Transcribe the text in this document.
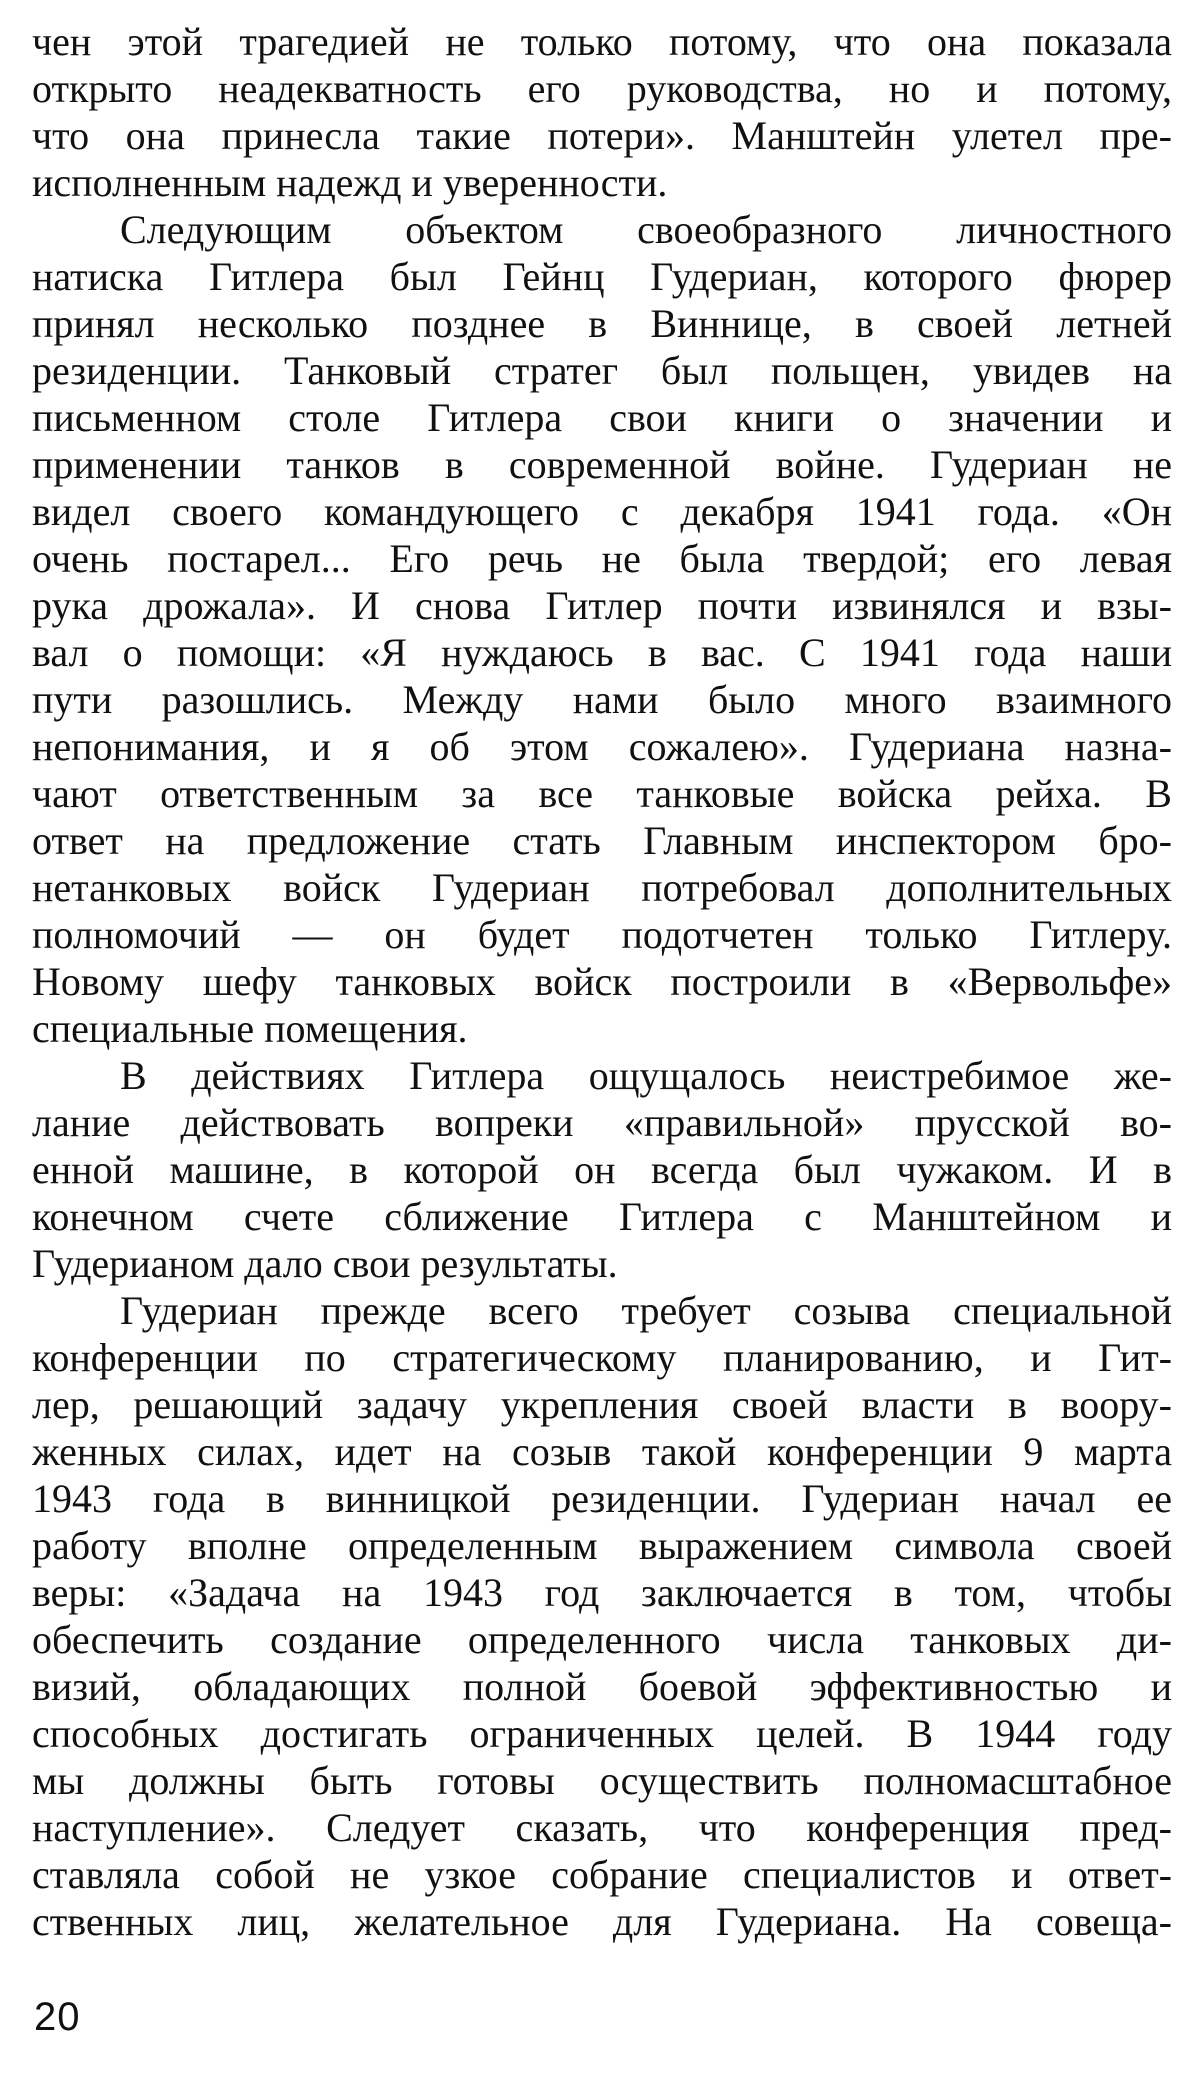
чен этой трагедией не только потому, что она показала
открыто неадекватность его руководства, но и потому,
что она принесла такие потери». Манштейн улетел пре-
исполненным надежд и уверенности.

Следующим объектом своеобразного личностного
натиска Гитлера был Гейнц Гудериан, которого фюрер
принял несколько позднее в Виннице, в своей летней
резиденции. Танковый стратег был польщен, увидев на
письменном столе Гитлера свои книги о значении и
применении танков в современной войне. Гудериан не
видел своего командующего с декабря 1941 года. «Он
очень постарел... Его речь не была твердой; его левая
рука дрожала». И снова Гитлер почти извинялся и взы-
вал о помощи: «Я нуждаюсь в вас. С 1941 года наши
пути разошлись. Между нами было много взаимного
непонимания, и я об этом сожалею». Гудериана назна-
чают ответственным за все танковые войска рейха. В
ответ на предложение стать Главным инспектором бро-
нетанковых войск Гудериан потребовал дополнительных
полномочий — он будет подотчетен только Гитлеру.
Новому шефу танковых войск построили в «Вервольфе»
специальные помещения.

В действиях Гитлера ощущалось неистребимое же-
лание действовать вопреки «правильной» прусской во-
енной машине, в которой он всегда был чужаком. И в
конечном счете сближение Гитлера с Манштейном и
Гудерианом дало свои результаты.

Гудериан прежде всего требует созыва специальной
конференции по стратегическому планированию, и Гит-
лер, решающий задачу укрепления своей власти в воору-
женных силах, идет на созыв такой конференции 9 марта
1943 года в винницкой резиденции. Гудериан начал ее
работу вполне определенным выражением символа своей
веры: «Задача на 1943 год заключается в том, чтобы
обеспечить создание определенного числа танковых ди-
визий, обладающих полной боевой эффективностью и
способных достигать ограниченных целей. В 1944 году
мы должны быть готовы осуществить полномасштабное
наступление». Следует сказать, что конференция пред-
ставляла собой не узкое собрание специалистов и ответ-
ственных лиц, желательное для Гудериана. На совеща-

20
